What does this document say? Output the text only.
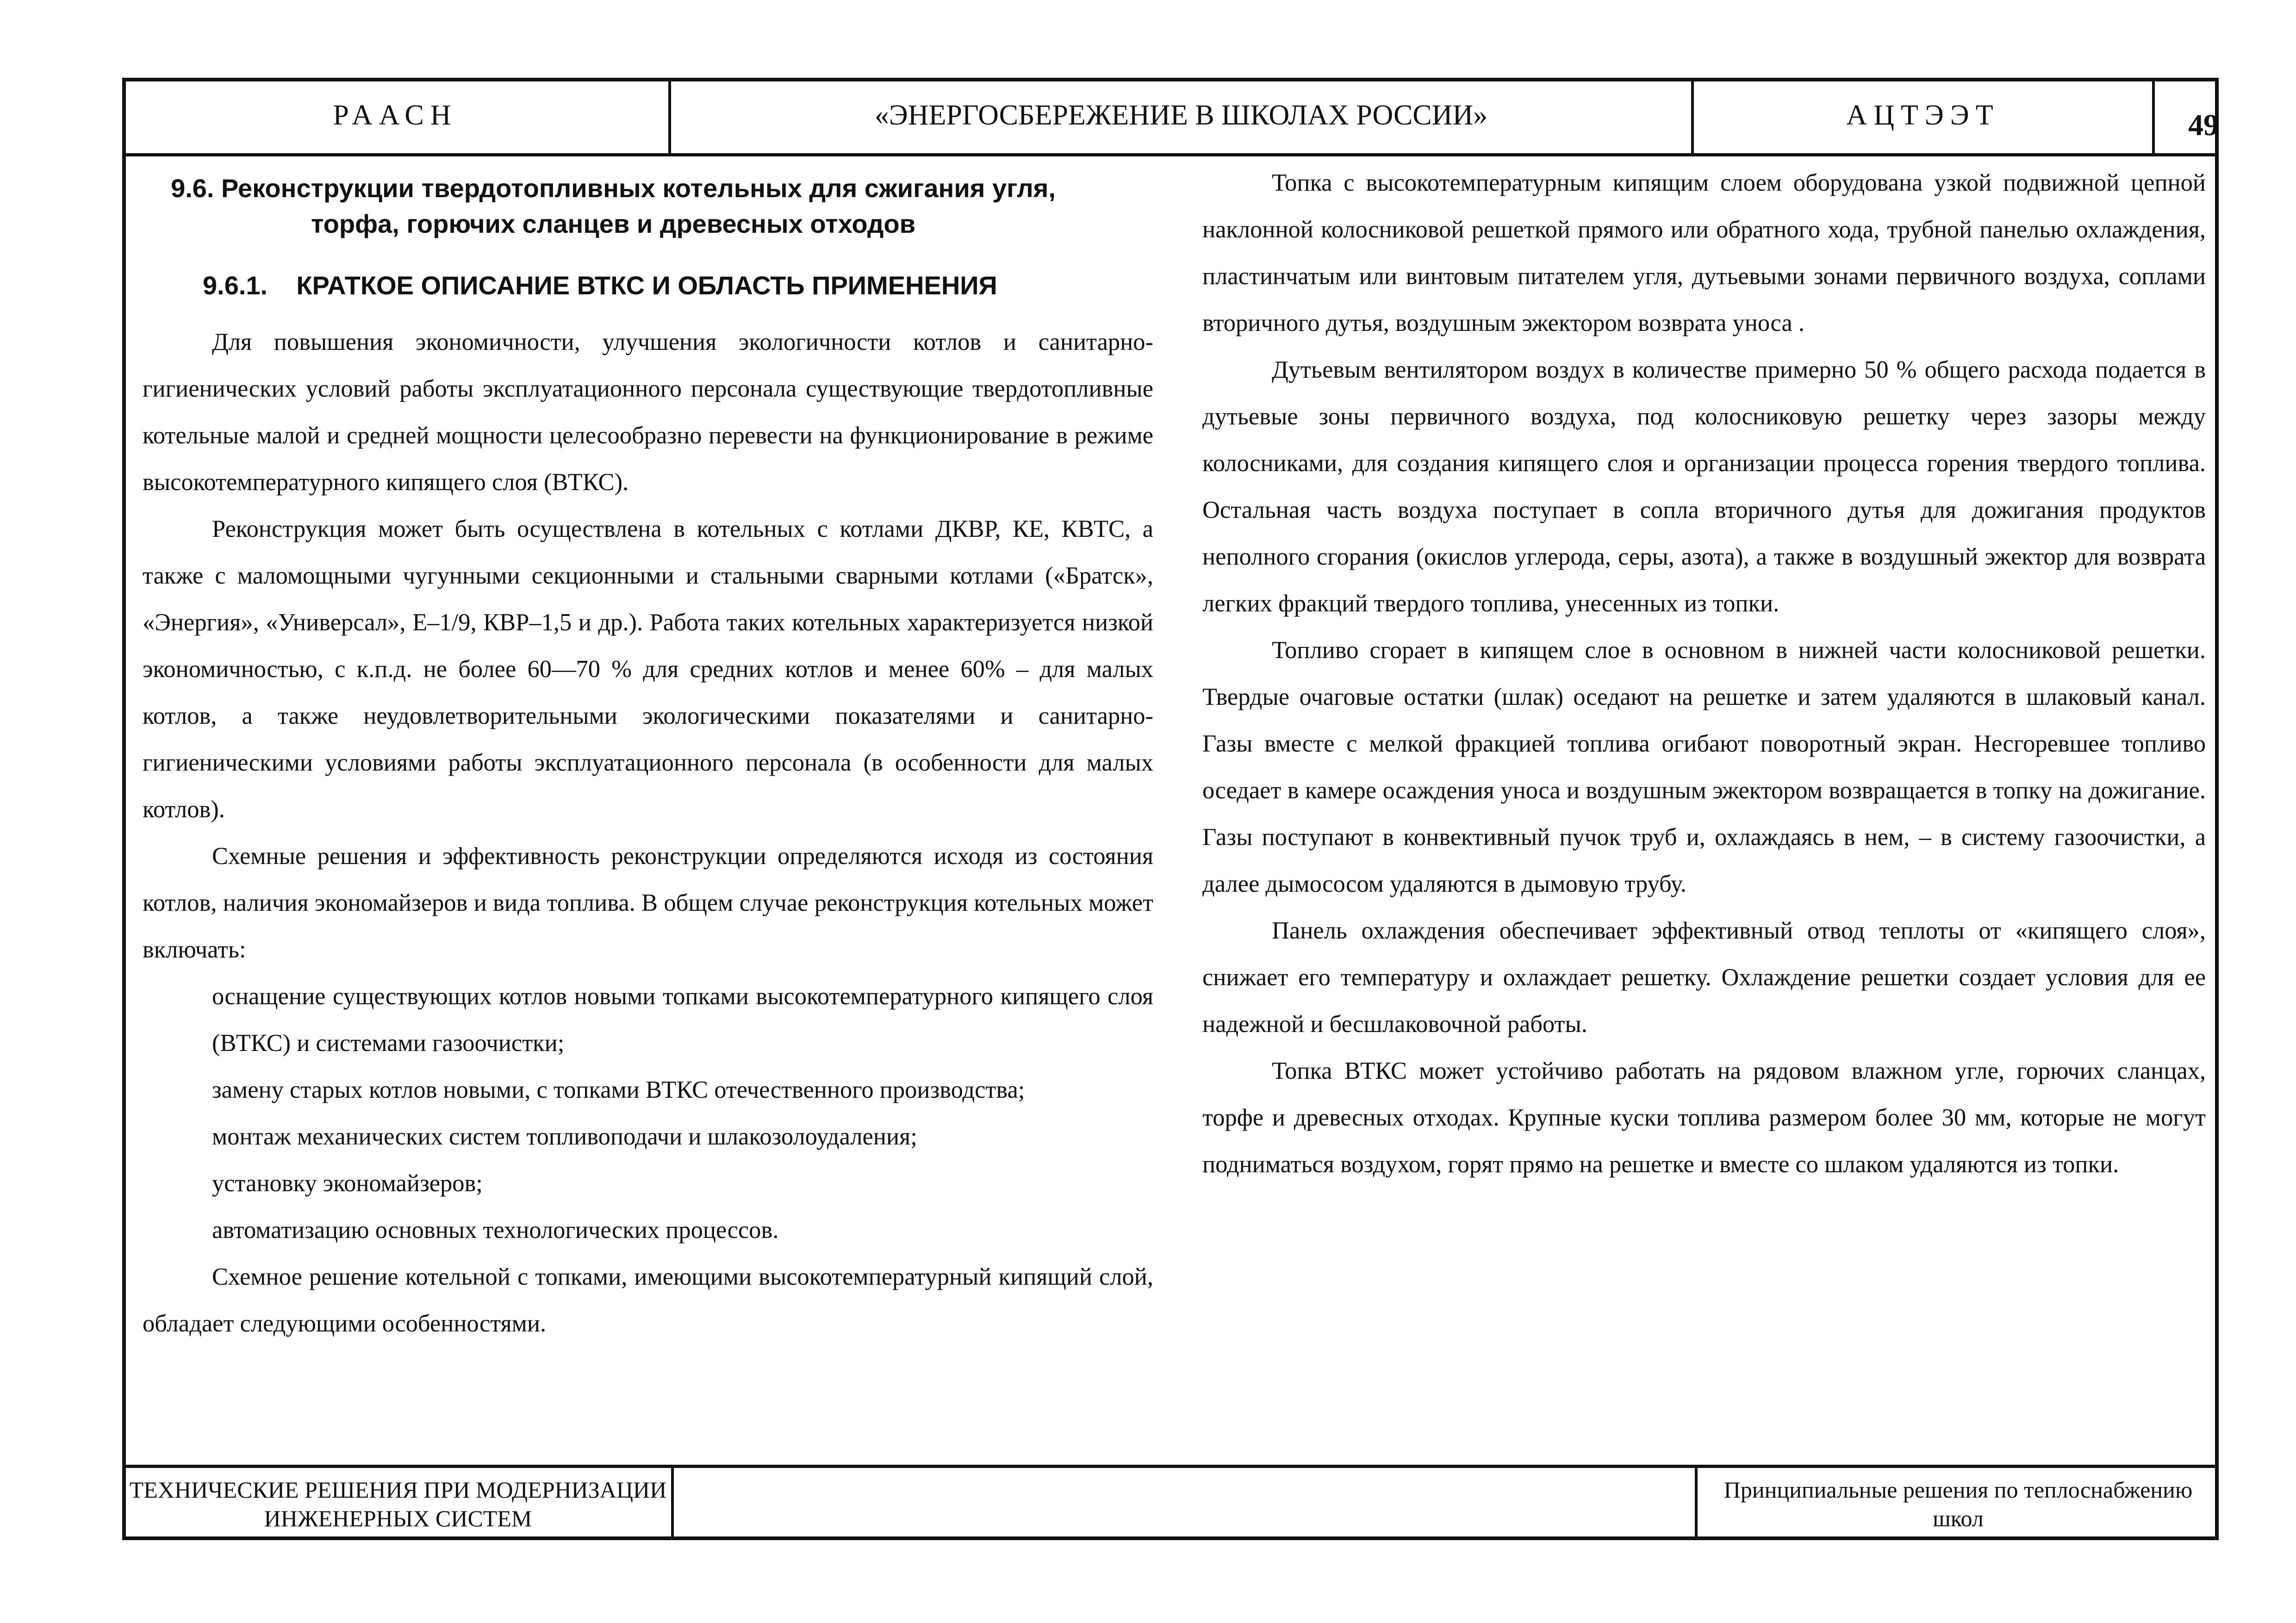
РААСН	«ЭНЕРГОСБЕРЕЖЕНИЕ В ШКОЛАХ РОССИИ»	АЦТЭЭТ	49
9.6. Реконструкции твердотопливных котельных для сжигания угля, торфа, горючих сланцев и древесных отходов
9.6.1. КРАТКОЕ ОПИСАНИЕ ВТКС И ОБЛАСТЬ ПРИМЕНЕНИЯ

Для повышения экономичности, улучшения экологичности котлов и санитарно-гигиенических условий работы эксплуатационного персонала существующие твердотопливные котельные малой и средней мощности целесообразно перевести на функционирование в режиме высокотемпературного кипящего слоя (ВТКС).

Реконструкция может быть осуществлена в котельных с котлами ДКВР, КЕ, КВТС, а также с маломощными чугунными секционными и стальными сварными котлами («Братск», «Энергия», «Универсал», Е–1/9, КВР–1,5 и др.). Работа таких котельных характеризуется низкой экономичностью, с к.п.д. не более 60—70 % для средних котлов и менее 60% – для малых котлов, а также неудовлетворительными экологическими показателями и санитарно-гигиеническими условиями работы эксплуатационного персонала (в особенности для малых котлов).

Схемные решения и эффективность реконструкции определяются исходя из состояния котлов, наличия экономайзеров и вида топлива. В общем случае реконструкция котельных может включать:

оснащение существующих котлов новыми топками высокотемпературного кипящего слоя (ВТКС) и системами газоочистки;

замену старых котлов новыми, с топками ВТКС отечественного производства;

монтаж механических систем топливоподачи и шлакозолоудаления;

установку экономайзеров;

автоматизацию основных технологических процессов.

Схемное решение котельной с топками, имеющими высокотемпературный кипящий слой, обладает следующими особенностями.

Топка с высокотемпературным кипящим слоем оборудована узкой подвижной цепной наклонной колосниковой решеткой прямого или обратного хода, трубной панелью охлаждения, пластинчатым или винтовым питателем угля, дутьевыми зонами первичного воздуха, соплами вторичного дутья, воздушным эжектором возврата уноса .

Дутьевым вентилятором воздух в количестве примерно 50 % общего расхода подается в дутьевые зоны первичного воздуха, под колосниковую решетку через зазоры между колосниками, для создания кипящего слоя и организации процесса горения твердого топлива. Остальная часть воздуха поступает в сопла вторичного дутья для дожигания продуктов неполного сгорания (окислов углерода, серы, азота), а также в воздушный эжектор для возврата легких фракций твердого топлива, унесенных из топки.

Топливо сгорает в кипящем слое в основном в нижней части колосниковой решетки. Твердые очаговые остатки (шлак) оседают на решетке и затем удаляются в шлаковый канал. Газы вместе с мелкой фракцией топлива огибают поворотный экран. Несгоревшее топливо оседает в камере осаждения уноса и воздушным эжектором возвращается в топку на дожигание. Газы поступают в конвективный пучок труб и, охлаждаясь в нем, – в систему газоочистки, а далее дымососом удаляются в дымовую трубу.

Панель охлаждения обеспечивает эффективный отвод теплоты от «кипящего слоя», снижает его температуру и охлаждает решетку. Охлаждение решетки создает условия для ее надежной и бесшлаковочной работы.

Топка ВТКС может устойчиво работать на рядовом влажном угле, горючих сланцах, торфе и древесных отходах. Крупные куски топлива размером более 30 мм, которые не могут подниматься воздухом, горят прямо на решетке и вместе со шлаком удаляются из топки.

ТЕХНИЧЕСКИЕ РЕШЕНИЯ ПРИ МОДЕРНИЗАЦИИ ИНЖЕНЕРНЫХ СИСТЕМ
Принципиальные решения по теплоснабжению школ
